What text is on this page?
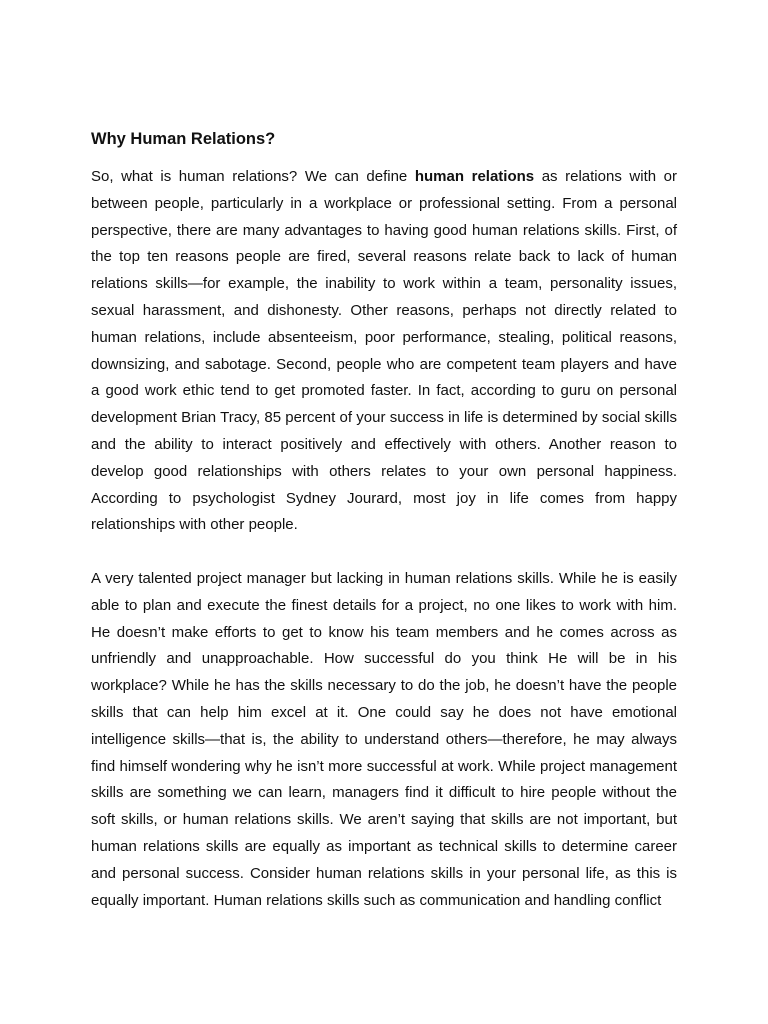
Why Human Relations?

So, what is human relations? We can define human relations as relations with or between people, particularly in a workplace or professional setting. From a personal perspective, there are many advantages to having good human relations skills. First, of the top ten reasons people are fired, several reasons relate back to lack of human relations skills—for example, the inability to work within a team, personality issues, sexual harassment, and dishonesty. Other reasons, perhaps not directly related to human relations, include absenteeism, poor performance, stealing, political reasons, downsizing, and sabotage. Second, people who are competent team players and have a good work ethic tend to get promoted faster. In fact, according to guru on personal development Brian Tracy, 85 percent of your success in life is determined by social skills and the ability to interact positively and effectively with others. Another reason to develop good relationships with others relates to your own personal happiness. According to psychologist Sydney Jourard, most joy in life comes from happy relationships with other people.

A very talented project manager but lacking in human relations skills. While he is easily able to plan and execute the finest details for a project, no one likes to work with him. He doesn’t make efforts to get to know his team members and he comes across as unfriendly and unapproachable. How successful do you think He will be in his workplace? While he has the skills necessary to do the job, he doesn’t have the people skills that can help him excel at it. One could say he does not have emotional intelligence skills—that is, the ability to understand others—therefore, he may always find himself wondering why he isn’t more successful at work. While project management skills are something we can learn, managers find it difficult to hire people without the soft skills, or human relations skills. We aren’t saying that skills are not important, but human relations skills are equally as important as technical skills to determine career and personal success. Consider human relations skills in your personal life, as this is equally important. Human relations skills such as communication and handling conflict
